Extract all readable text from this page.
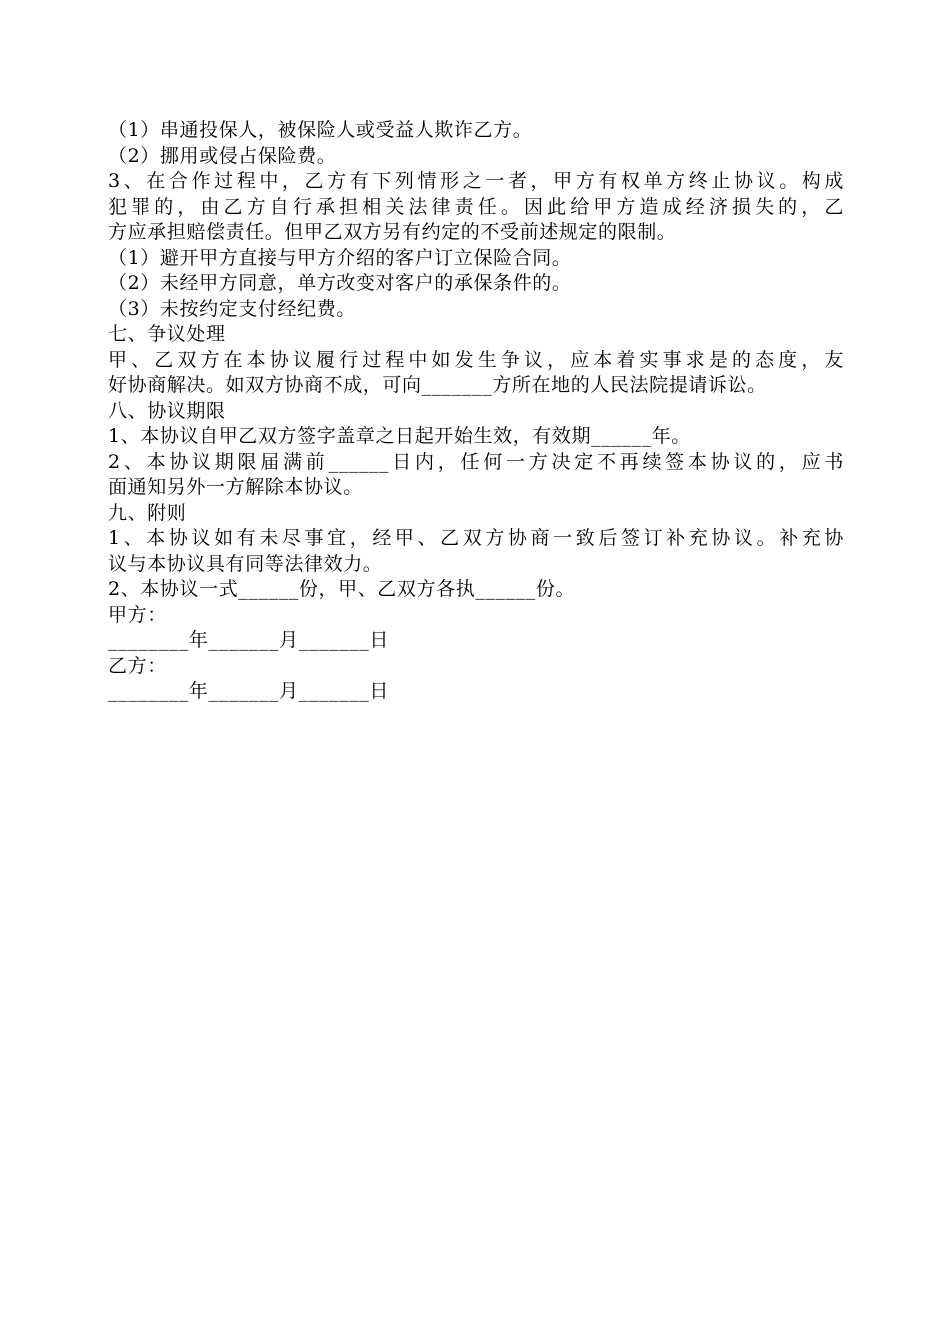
（1）串通投保人，被保险人或受益人欺诈乙方。
（2）挪用或侵占保险费。
3、在合作过程中，乙方有下列情形之一者，甲方有权单方终止协议。构成
犯罪的，由乙方自行承担相关法律责任。因此给甲方造成经济损失的，乙
方应承担赔偿责任。但甲乙双方另有约定的不受前述规定的限制。
（1）避开甲方直接与甲方介绍的客户订立保险合同。
（2）未经甲方同意，单方改变对客户的承保条件的。
（3）未按约定支付经纪费。
七、争议处理
甲、乙双方在本协议履行过程中如发生争议，应本着实事求是的态度，友
好协商解决。如双方协商不成，可向_______方所在地的人民法院提请诉讼。
八、协议期限
1、本协议自甲乙双方签字盖章之日起开始生效，有效期______年。
2、本协议期限届满前______日内，任何一方决定不再续签本协议的，应书
面通知另外一方解除本协议。
九、附则
1、本协议如有未尽事宜，经甲、乙双方协商一致后签订补充协议。补充协
议与本协议具有同等法律效力。
2、本协议一式______份，甲、乙双方各执______份。
甲方：
________年_______月_______日
乙方：
________年_______月_______日
